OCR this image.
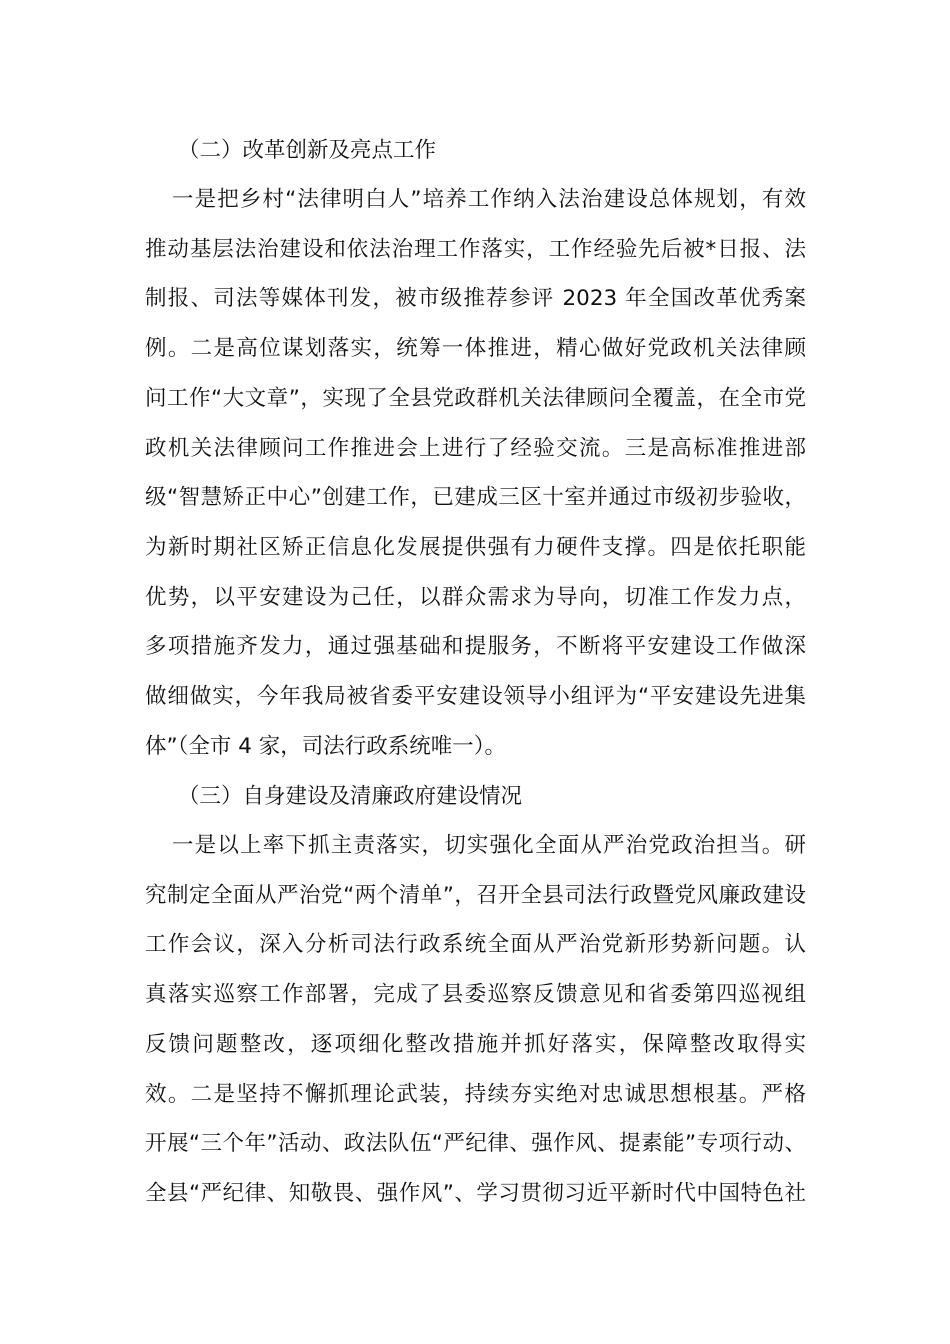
（二）改革创新及亮点工作
一是把乡村“法律明白人”培养工作纳入法治建设总体规划，有效
推动基层法治建设和依法治理工作落实，工作经验先后被*日报、法
制报、司法等媒体刊发，被市级推荐参评 2023 年全国改革优秀案
例。二是高位谋划落实，统筹一体推进，精心做好党政机关法律顾
问工作“大文章”，实现了全县党政群机关法律顾问全覆盖，在全市党
政机关法律顾问工作推进会上进行了经验交流。三是高标准推进部
级“智慧矫正中心”创建工作，已建成三区十室并通过市级初步验收，
为新时期社区矫正信息化发展提供强有力硬件支撑。四是依托职能
优势，以平安建设为己任，以群众需求为导向，切准工作发力点，
多项措施齐发力，通过强基础和提服务，不断将平安建设工作做深
做细做实，今年我局被省委平安建设领导小组评为“平安建设先进集
体”（全市 4 家，司法行政系统唯一）。
（三）自身建设及清廉政府建设情况
一是以上率下抓主责落实，切实强化全面从严治党政治担当。研
究制定全面从严治党“两个清单”，召开全县司法行政暨党风廉政建设
工作会议，深入分析司法行政系统全面从严治党新形势新问题。认
真落实巡察工作部署，完成了县委巡察反馈意见和省委第四巡视组
反馈问题整改，逐项细化整改措施并抓好落实，保障整改取得实
效。二是坚持不懈抓理论武装，持续夯实绝对忠诚思想根基。严格
开展“三个年”活动、政法队伍“严纪律、强作风、提素能”专项行动、
全县“严纪律、知敬畏、强作风”、学习贯彻习近平新时代中国特色社
